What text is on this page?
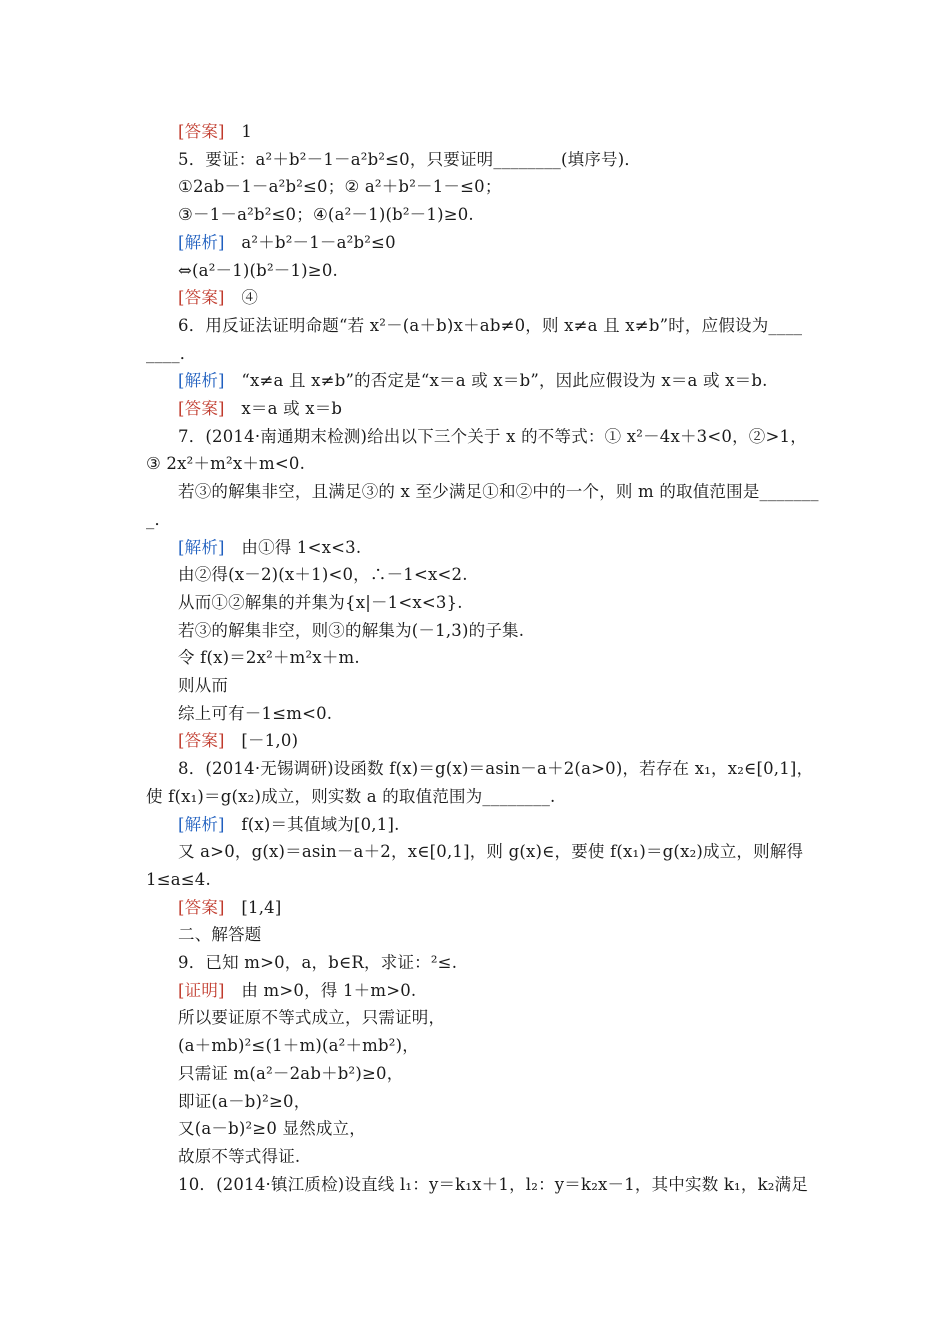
[答案]　1
5．要证：a²＋b²－1－a²b²≤0，只要证明________(填序号)．
①2ab－1－a²b²≤0；② a²＋b²－1－≤0；
③－1－a²b²≤0；④(a²－1)(b²－1)≥0.
[解析]　a²＋b²－1－a²b²≤0
⇔(a²－1)(b²－1)≥0.
[答案]　④
6．用反证法证明命题“若 x²－(a＋b)x＋ab≠0，则 x≠a 且 x≠b”时，应假设为____
____．
[解析]　“x≠a 且 x≠b”的否定是“x＝a 或 x＝b”，因此应假设为 x＝a 或 x＝b.
[答案]　x＝a 或 x＝b
7．(2014·南通期末检测)给出以下三个关于 x 的不等式：① x²－4x＋3<0，②>1，
③ 2x²＋m²x＋m<0.
若③的解集非空，且满足③的 x 至少满足①和②中的一个，则 m 的取值范围是_______
_．
[解析]　由①得 1<x<3.
由②得(x－2)(x＋1)<0，∴－1<x<2.
从而①②解集的并集为{x|－1<x<3}.
若③的解集非空，则③的解集为(－1,3)的子集.
令 f(x)＝2x²＋m²x＋m.
则从而
综上可有－1≤m<0.
[答案]　[－1,0)
8．(2014·无锡调研)设函数 f(x)＝g(x)＝asin－a＋2(a>0)，若存在 x₁，x₂∈[0,1]，
使 f(x₁)＝g(x₂)成立，则实数 a 的取值范围为________.
[解析]　f(x)＝其值域为[0,1].
又 a>0，g(x)＝asin－a＋2，x∈[0,1]，则 g(x)∈，要使 f(x₁)＝g(x₂)成立，则解得
1≤a≤4.
[答案]　[1,4]
二、解答题
9．已知 m>0，a，b∈R，求证：²≤.
[证明]　由 m>0，得 1＋m>0.
所以要证原不等式成立，只需证明，
(a＋mb)²≤(1＋m)(a²＋mb²)，
只需证 m(a²－2ab＋b²)≥0，
即证(a－b)²≥0，
又(a－b)²≥0 显然成立，
故原不等式得证.
10．(2014·镇江质检)设直线 l₁：y＝k₁x＋1，l₂：y＝k₂x－1，其中实数 k₁，k₂满足
